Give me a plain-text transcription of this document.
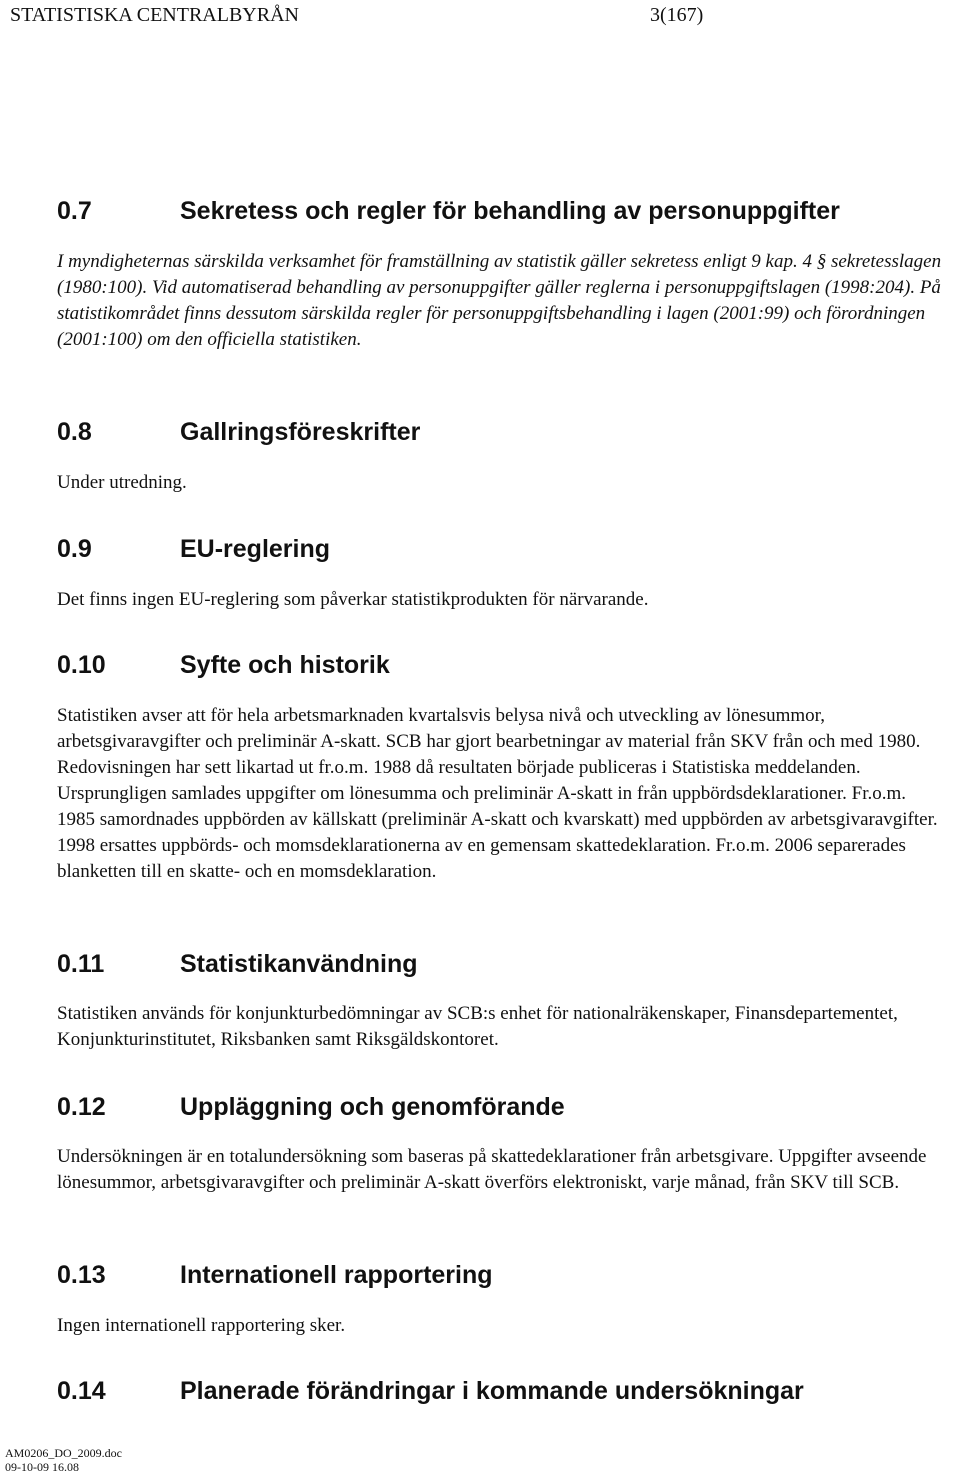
STATISTISKA CENTRALBYRÅN	3(167)
0.7	Sekretess och regler för behandling av personuppgifter
I myndigheternas särskilda verksamhet för framställning av statistik gäller sekretess enligt 9 kap. 4 § sekretesslagen (1980:100). Vid automatiserad behandling av personuppgifter gäller reglerna i personuppgiftslagen (1998:204). På statistikområdet finns dessutom särskilda regler för personuppgiftsbehandling i lagen (2001:99) och förordningen (2001:100) om den officiella statistiken.
0.8	Gallringsföreskrifter
Under utredning.
0.9	EU-reglering
Det finns ingen EU-reglering som påverkar statistikprodukten för närvarande.
0.10	Syfte och historik
Statistiken avser att för hela arbetsmarknaden kvartalsvis belysa nivå och utveckling av lönesummor, arbetsgivaravgifter och preliminär A-skatt. SCB har gjort bearbetningar av material från SKV från och med 1980. Redovisningen har sett likartad ut fr.o.m. 1988 då resultaten började publiceras i Statistiska meddelanden. Ursprungligen samlades uppgifter om lönesumma och preliminär A-skatt in från uppbördsdeklarationer. Fr.o.m. 1985 samordnades uppbörden av källskatt (preliminär A-skatt och kvarskatt) med uppbörden av arbetsgivaravgifter. 1998 ersattes uppbörds- och momsdeklarationerna av en gemensam skattedeklaration. Fr.o.m. 2006 separerades blanketten till en skatte- och en momsdeklaration.
0.11	Statistikanvändning
Statistiken används för konjunkturbedömningar av SCB:s enhet för nationalräkenskaper, Finansdepartementet, Konjunkturinstitutet, Riksbanken samt Riksgäldskontoret.
0.12	Uppläggning och genomförande
Undersökningen är en totalundersökning som baseras på skattedeklarationer från arbetsgivare. Uppgifter avseende lönesummor, arbetsgivaravgifter och preliminär A-skatt överförs elektroniskt, varje månad, från SKV till SCB.
0.13	Internationell rapportering
Ingen internationell rapportering sker.
0.14	Planerade förändringar i kommande undersökningar
AM0206_DO_2009.doc
09-10-09 16.08
